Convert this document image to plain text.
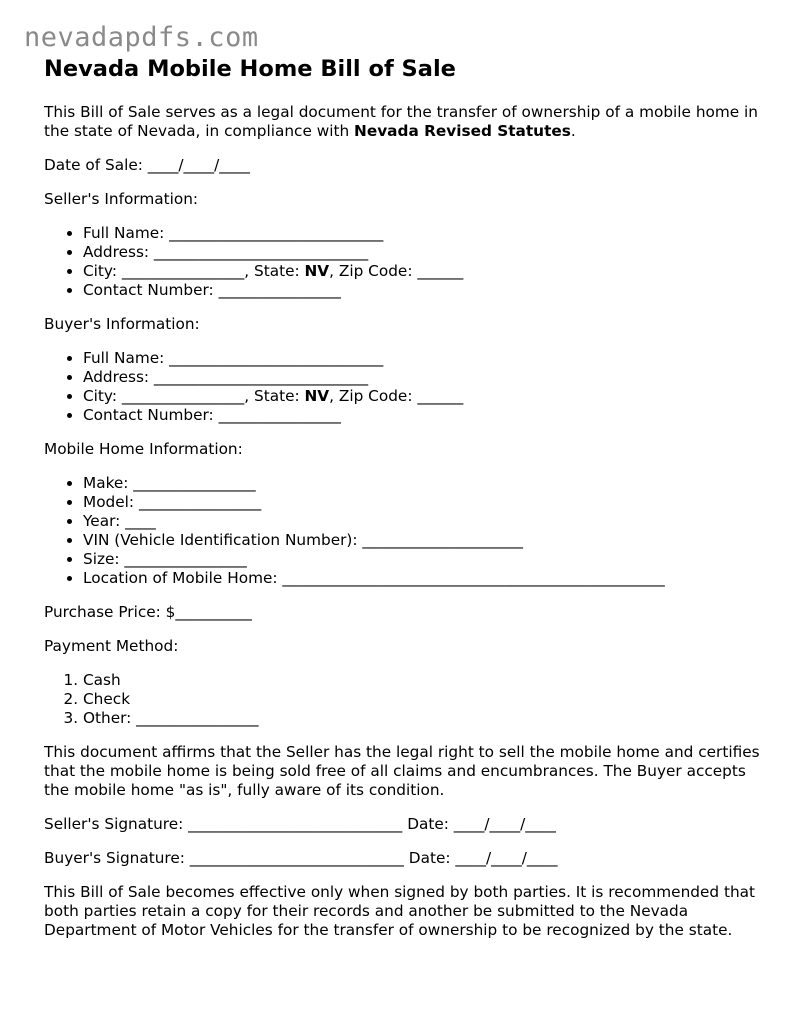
nevadapdfs.com
Nevada Mobile Home Bill of Sale

This Bill of Sale serves as a legal document for the transfer of ownership of a mobile home in the state of Nevada, in compliance with Nevada Revised Statutes.

Date of Sale: ____/____/____

Seller's Information:

• Full Name: ____________________________
• Address: ____________________________
• City: ________________, State: NV, Zip Code: ______
• Contact Number: ________________

Buyer's Information:

• Full Name: ____________________________
• Address: ____________________________
• City: ________________, State: NV, Zip Code: ______
• Contact Number: ________________

Mobile Home Information:

• Make: ________________
• Model: ________________
• Year: ____
• VIN (Vehicle Identification Number): _____________________
• Size: ________________
• Location of Mobile Home: __________________________________________________

Purchase Price: $__________

Payment Method:

1. Cash
2. Check
3. Other: ________________

This document affirms that the Seller has the legal right to sell the mobile home and certifies that the mobile home is being sold free of all claims and encumbrances. The Buyer accepts the mobile home "as is", fully aware of its condition.

Seller's Signature: ____________________________ Date: ____/____/____

Buyer's Signature: ____________________________ Date: ____/____/____

This Bill of Sale becomes effective only when signed by both parties. It is recommended that both parties retain a copy for their records and another be submitted to the Nevada Department of Motor Vehicles for the transfer of ownership to be recognized by the state.
